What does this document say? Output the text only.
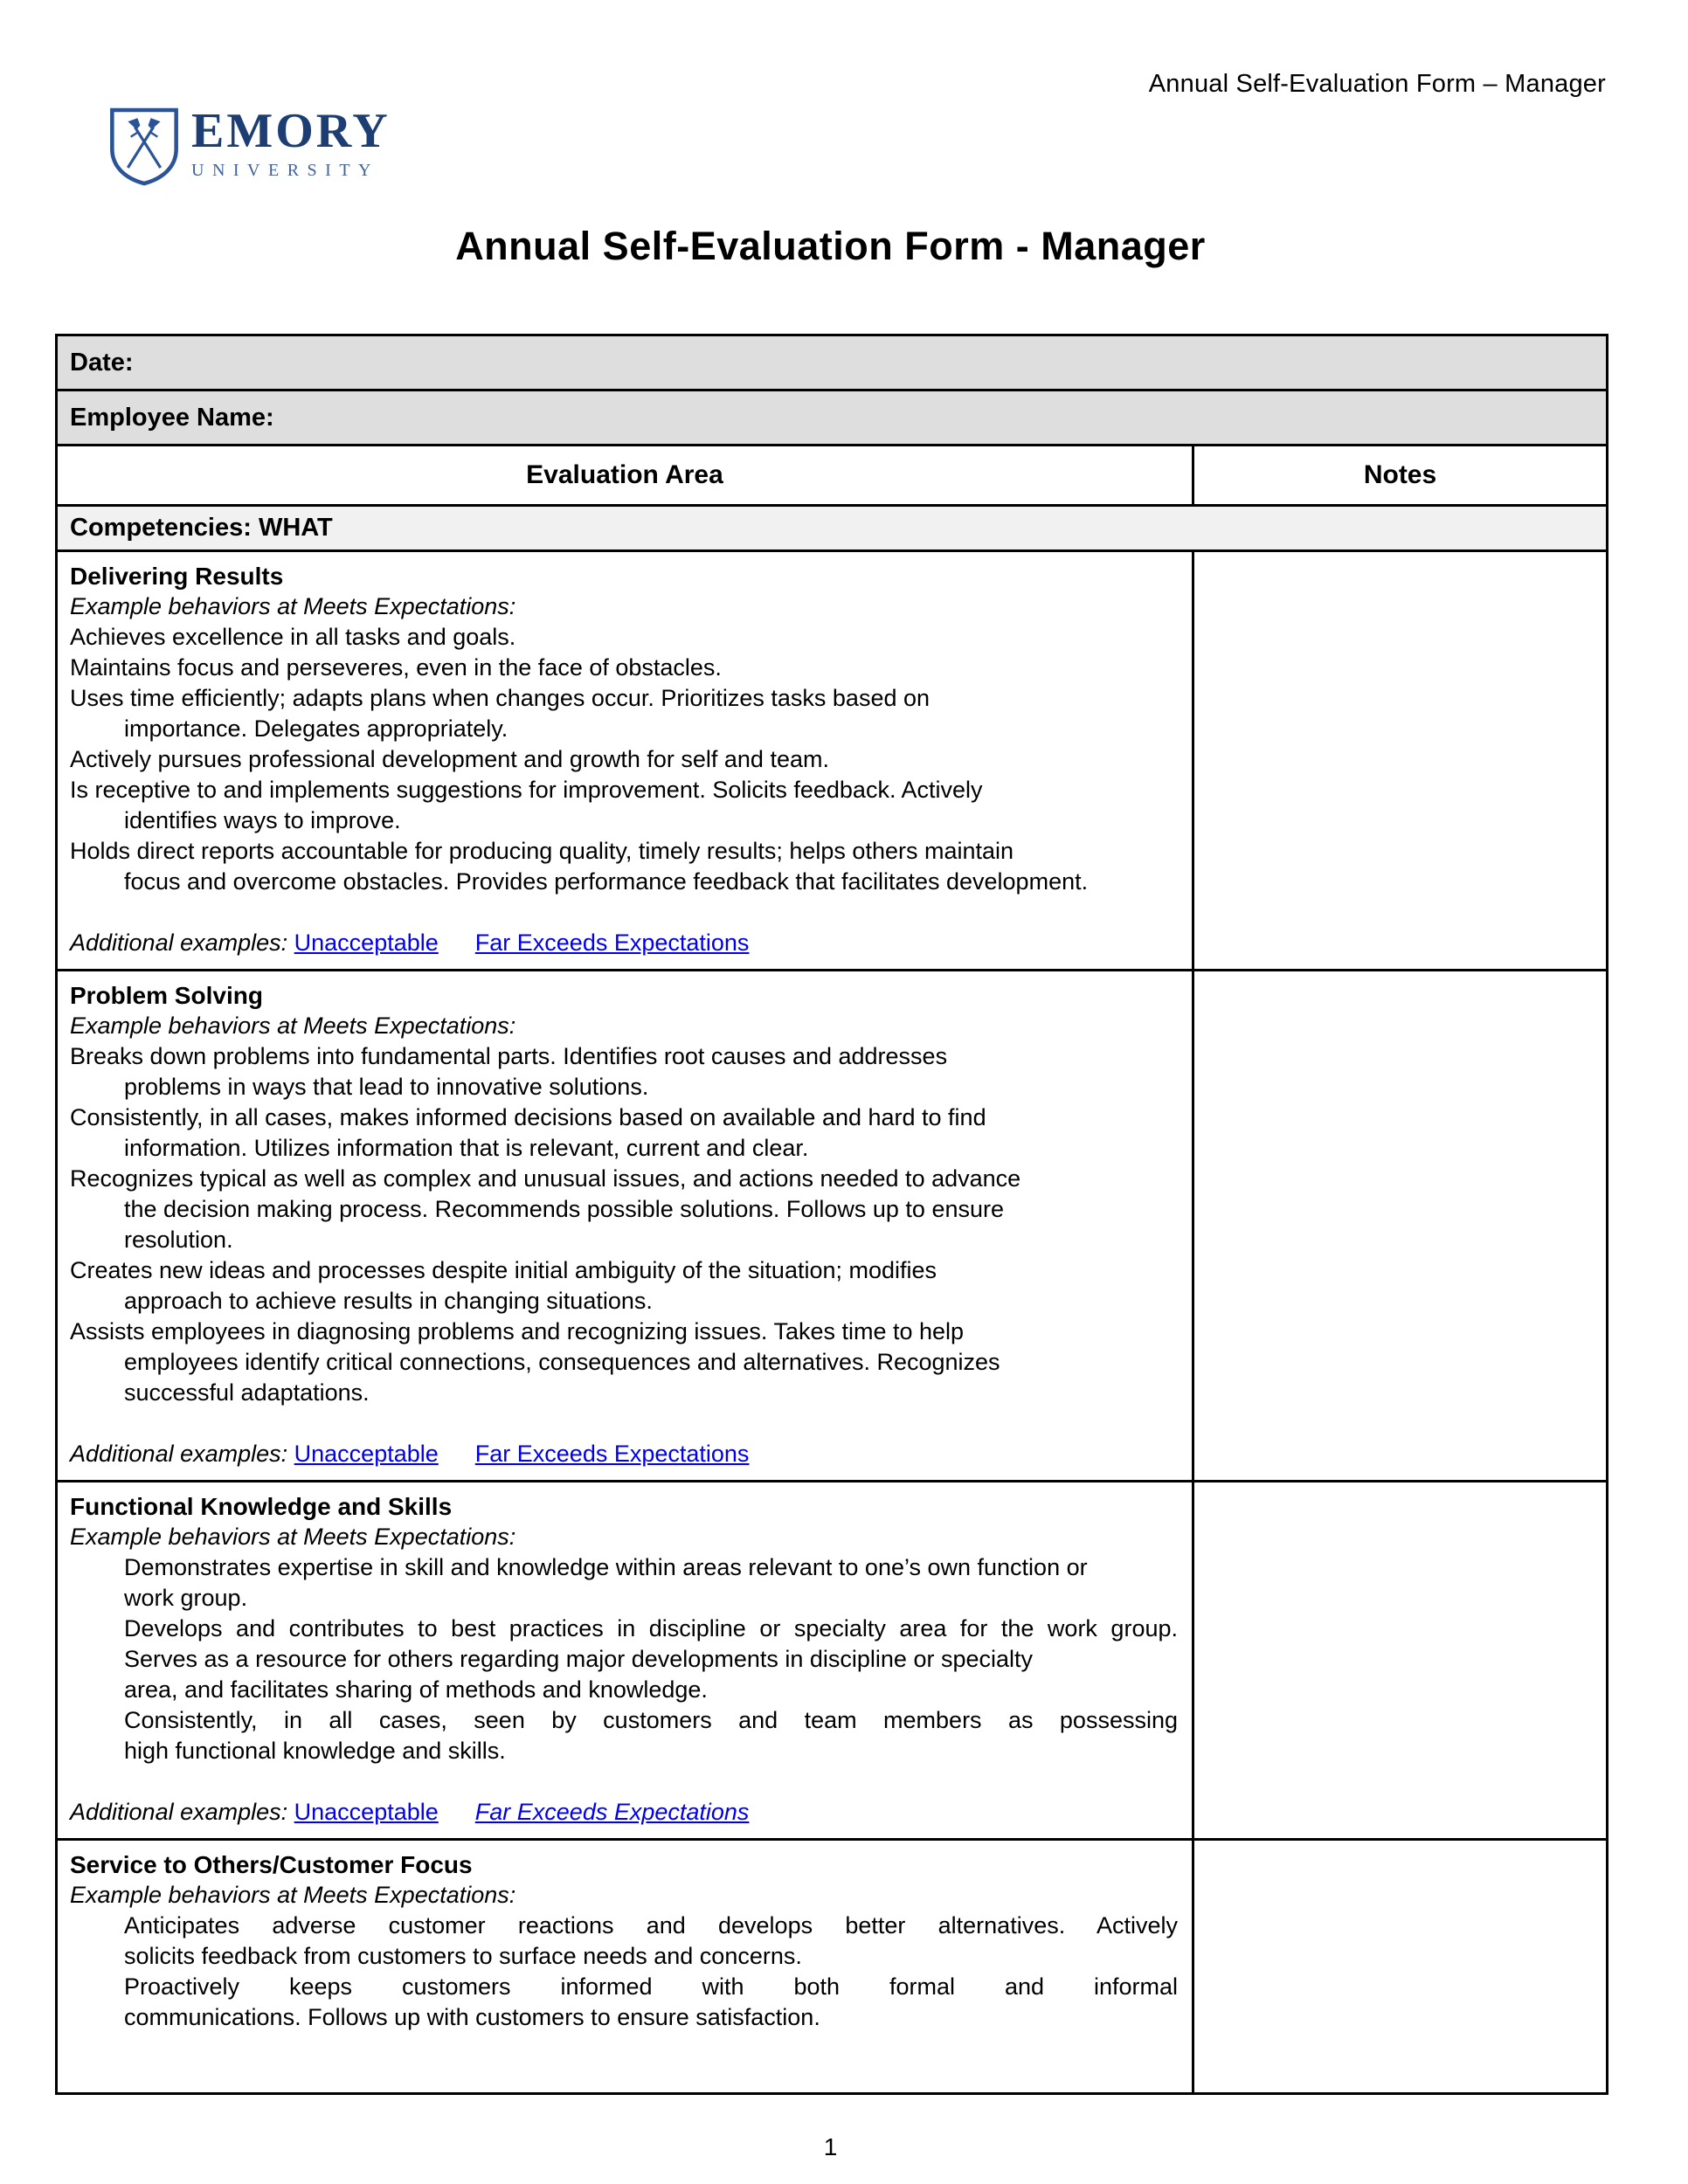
EMORY
UNIVERSITY
Annual Self-Evaluation Form – Manager
Annual Self-Evaluation Form - Manager
Date:	
Employee Name:	
Evaluation Area	Notes
Competencies: WHAT	

Delivering Results
Example behaviors at Meets Expectations:
Achieves excellence in all tasks and goals.
Maintains focus and perseveres, even in the face of obstacles.
Uses time efficiently; adapts plans when changes occur. Prioritizes tasks based on
importance. Delegates appropriately.
Actively pursues professional development and growth for self and team.
Is receptive to and implements suggestions for improvement. Solicits feedback. Actively
identifies ways to improve.
Holds direct reports accountable for producing quality, timely results; helps others maintain
focus and overcome obstacles. Provides performance feedback that facilitates development.
Additional examples: Unacceptable Far Exceeds Expectations

Problem Solving
Example behaviors at Meets Expectations:
Breaks down problems into fundamental parts. Identifies root causes and addresses
problems in ways that lead to innovative solutions.
Consistently, in all cases, makes informed decisions based on available and hard to find
information. Utilizes information that is relevant, current and clear.
Recognizes typical as well as complex and unusual issues, and actions needed to advance
the decision making process. Recommends possible solutions. Follows up to ensure
resolution.
Creates new ideas and processes despite initial ambiguity of the situation; modifies
approach to achieve results in changing situations.
Assists employees in diagnosing problems and recognizing issues. Takes time to help
employees identify critical connections, consequences and alternatives. Recognizes
successful adaptations.
Additional examples: Unacceptable Far Exceeds Expectations

Functional Knowledge and Skills
Example behaviors at Meets Expectations:
Demonstrates expertise in skill and knowledge within areas relevant to one’s own function or
work group.
Develops and contributes to best practices in discipline or specialty area for the work group.
Serves as a resource for others regarding major developments in discipline or specialty
area, and facilitates sharing of methods and knowledge.
Consistently, in all cases, seen by customers and team members as possessing
high functional knowledge and skills.
Additional examples: Unacceptable Far Exceeds Expectations

Service to Others/Customer Focus
Example behaviors at Meets Expectations:
Anticipates adverse customer reactions and develops better alternatives. Actively
solicits feedback from customers to surface needs and concerns.
Proactively keeps customers informed with both formal and informal
communications. Follows up with customers to ensure satisfaction.

1
